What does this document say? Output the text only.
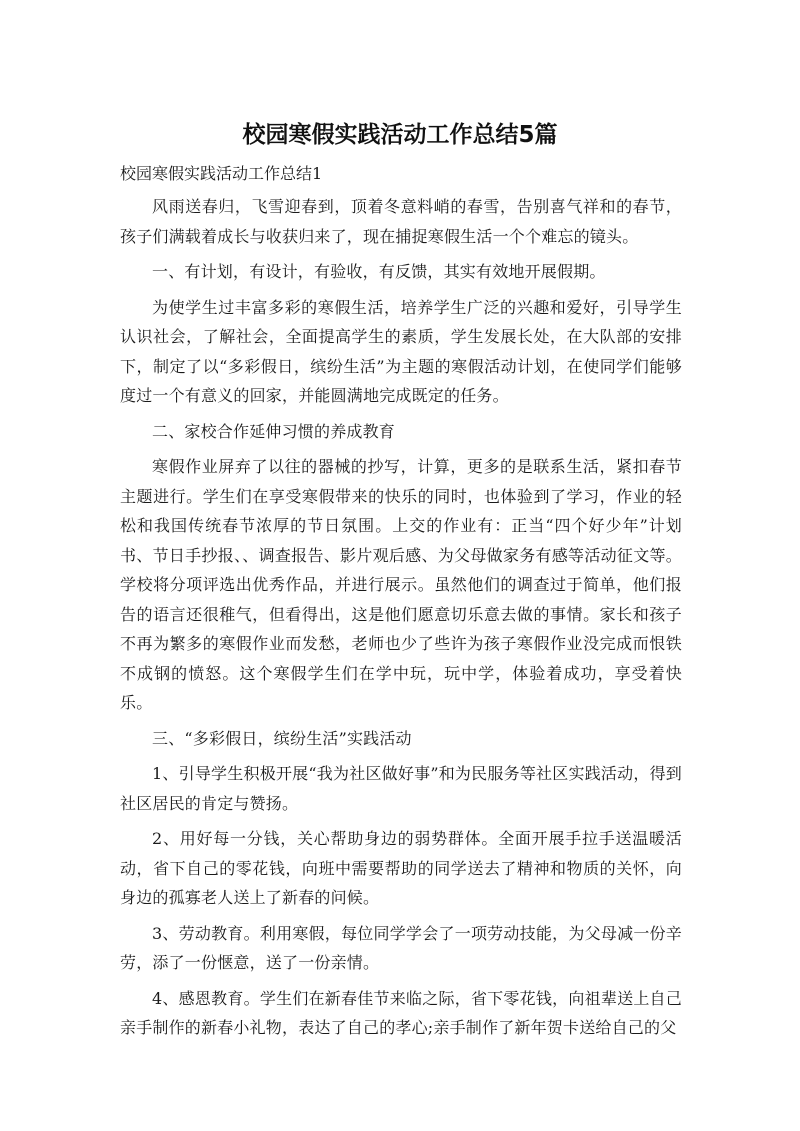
校园寒假实践活动工作总结5篇

校园寒假实践活动工作总结1

风雨送春归，飞雪迎春到，顶着冬意料峭的春雪，告别喜气祥和的春节，孩子们满载着成长与收获归来了，现在捕捉寒假生活一个个难忘的镜头。

一、有计划，有设计，有验收，有反馈，其实有效地开展假期。

为使学生过丰富多彩的寒假生活，培养学生广泛的兴趣和爱好，引导学生认识社会，了解社会，全面提高学生的素质，学生发展长处，在大队部的安排下，制定了以“多彩假日，缤纷生活”为主题的寒假活动计划，在使同学们能够度过一个有意义的回家，并能圆满地完成既定的任务。

二、家校合作延伸习惯的养成教育

寒假作业屏弃了以往的器械的抄写，计算，更多的是联系生活，紧扣春节主题进行。学生们在享受寒假带来的快乐的同时，也体验到了学习，作业的轻松和我国传统春节浓厚的节日氛围。上交的作业有：正当“四个好少年”计划书、节日手抄报、、调查报告、影片观后感、为父母做家务有感等活动征文等。学校将分项评选出优秀作品，并进行展示。虽然他们的调查过于简单，他们报告的语言还很稚气，但看得出，这是他们愿意切乐意去做的事情。家长和孩子不再为繁多的寒假作业而发愁，老师也少了些许为孩子寒假作业没完成而恨铁不成钢的愤怒。这个寒假学生们在学中玩，玩中学，体验着成功，享受着快乐。

三、“多彩假日，缤纷生活”实践活动

1、引导学生积极开展“我为社区做好事”和为民服务等社区实践活动，得到社区居民的肯定与赞扬。

2、用好每一分钱，关心帮助身边的弱势群体。全面开展手拉手送温暖活动，省下自己的零花钱，向班中需要帮助的同学送去了精神和物质的关怀，向身边的孤寡老人送上了新春的问候。

3、劳动教育。利用寒假，每位同学学会了一项劳动技能，为父母减一份辛劳，添了一份惬意，送了一份亲情。

4、感恩教育。学生们在新春佳节来临之际，省下零花钱，向祖辈送上自己亲手制作的新春小礼物，表达了自己的孝心;亲手制作了新年贺卡送给自己的父
